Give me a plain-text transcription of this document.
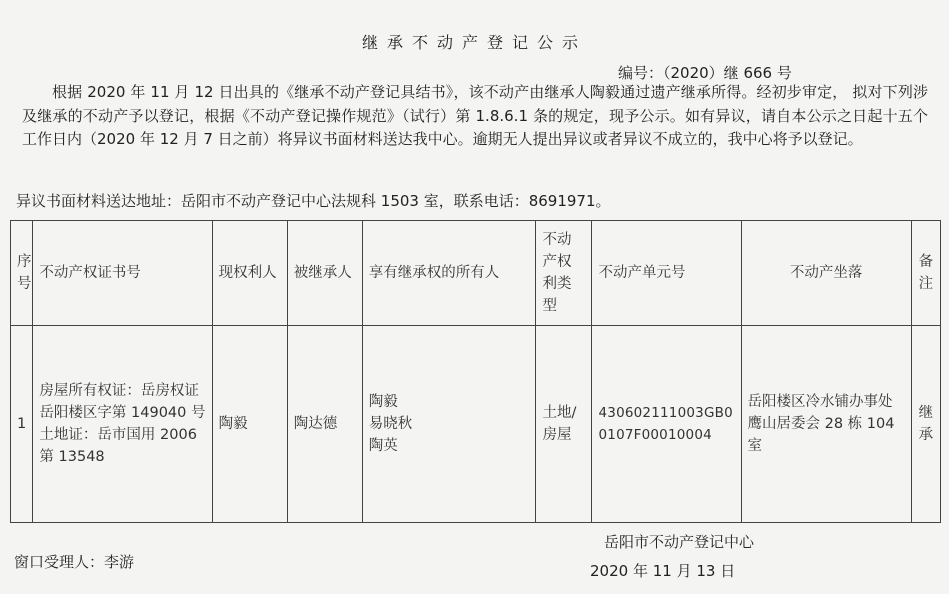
继承不动产登记公示
编号：（2020）继 666 号

根据 2020 年 11 月 12 日出具的《继承不动产登记具结书》，该不动产由继承人陶毅通过遗产继承所得。经初步审定， 拟对下列涉及继承的不动产予以登记，根据《不动产登记操作规范》（试行）第 1.8.6.1 条的规定，现予公示。如有异议，请自本公示之日起十五个工作日内（2020 年 12 月 7 日之前）将异议书面材料送达我中心。逾期无人提出异议或者异议不成立的，我中心将予以登记。

异议书面材料送达地址：岳阳市不动产登记中心法规科 1503 室，联系电话：8691971。
序号	不动产权证书号	现权利人	被继承人	享有继承权的所有人	不动产权利类型	不动产单元号	不动产坐落	备注
1	房屋所有权证：岳房权证岳阳楼区字第 149040 号土地证：岳市国用 2006 第 13548	陶毅	陶达德	陶毅
易晓秋
陶英	土地/房屋	430602111003GB00107F00010004	岳阳楼区冷水铺办事处鹰山居委会 28 栋 104 室	继承
窗口受理人：李游
岳阳市不动产登记中心
2020 年 11 月 13 日
